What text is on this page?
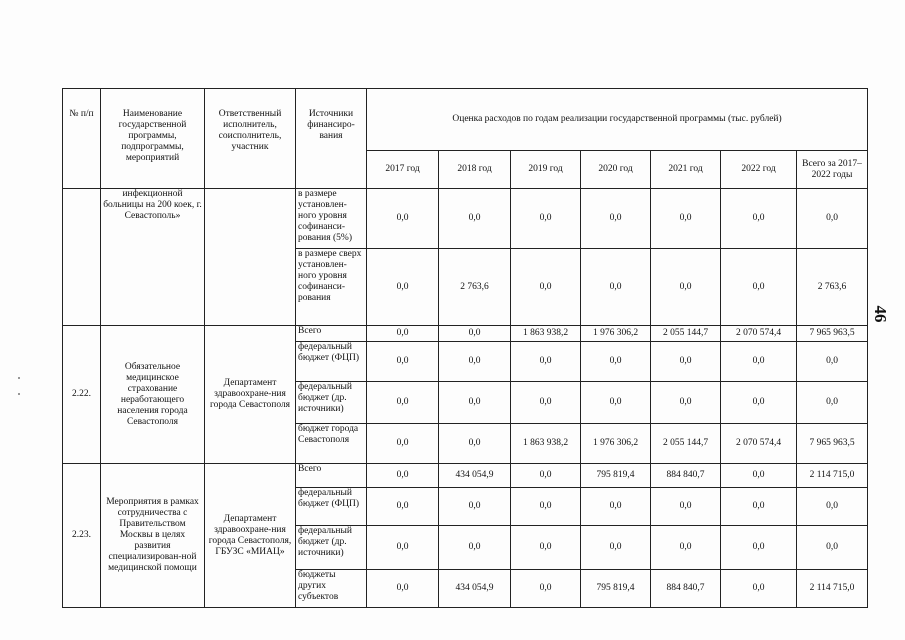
№ п/п	Наименование государственной программы, подпрограммы, мероприятий	Ответственный исполнитель, соисполнитель, участник	Источники финансиро-вания	Оценка расходов по годам реализации государственной программы (тыс. рублей)						
				2017 год	2018 год	2019 год	2020 год	2021 год	2022 год	Всего за 2017–2022 годы
	инфекционной больницы на 200 коек, г. Севастополь»		в размере установлен-ного уровня софинанси-рования (5%)	0,0	0,0	0,0	0,0	0,0	0,0	0,0
			в размере сверх установлен-ного уровня софинанси-рования	0,0	2 763,6	0,0	0,0	0,0	0,0	2 763,6
2.22.	Обязательное медицинское страхование неработающего населения города Севастополя	Департамент здравоохране-ния города Севастополя	Всего	0,0	0,0	1 863 938,2	1 976 306,2	2 055 144,7	2 070 574,4	7 965 963,5
			федеральный бюджет (ФЦП)	0,0	0,0	0,0	0,0	0,0	0,0	0,0
			федеральный бюджет (др. источники)	0,0	0,0	0,0	0,0	0,0	0,0	0,0
			бюджет города Севастополя	0,0	0,0	1 863 938,2	1 976 306,2	2 055 144,7	2 070 574,4	7 965 963,5
2.23.	Мероприятия в рамках сотрудничества с Правительством Москвы в целях развития специализирован-ной медицинской помощи	Департамент здравоохране-ния города Севастополя, ГБУЗС «МИАЦ»	Всего	0,0	434 054,9	0,0	795 819,4	884 840,7	0,0	2 114 715,0
			федеральный бюджет (ФЦП)	0,0	0,0	0,0	0,0	0,0	0,0	0,0
			федеральный бюджет (др. источники)	0,0	0,0	0,0	0,0	0,0	0,0	0,0
			бюджеты других субъектов	0,0	434 054,9	0,0	795 819,4	884 840,7	0,0	2 114 715,0
46
